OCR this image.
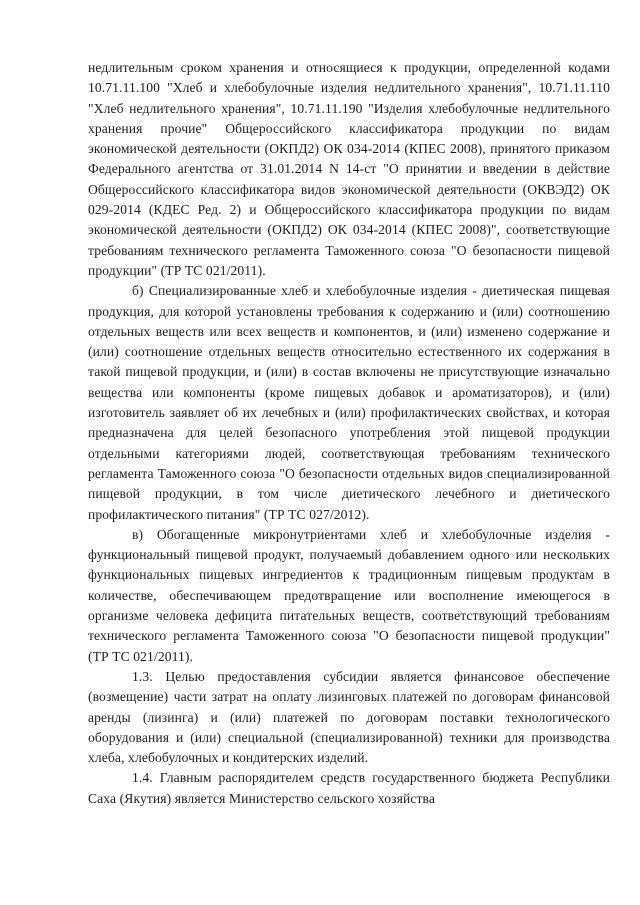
недлительным сроком хранения и относящиеся к продукции, определенной кодами 10.71.11.100 "Хлеб и хлебобулочные изделия недлительного хранения", 10.71.11.110 "Хлеб недлительного хранения", 10.71.11.190 "Изделия хлебобулочные недлительного хранения прочие" Общероссийского классификатора продукции по видам экономической деятельности (ОКПД2) ОК 034-2014 (КПЕС 2008), принятого приказом Федерального агентства от 31.01.2014 N 14-ст "О принятии и введении в действие Общероссийского классификатора видов экономической деятельности (ОКВЭД2) ОК 029-2014 (КДЕС Ред. 2) и Общероссийского классификатора продукции по видам экономической деятельности (ОКПД2) ОК 034-2014 (КПЕС 2008)", соответствующие требованиям технического регламента Таможенного союза "О безопасности пищевой продукции" (ТР ТС 021/2011).

б) Специализированные хлеб и хлебобулочные изделия - диетическая пищевая продукция, для которой установлены требования к содержанию и (или) соотношению отдельных веществ или всех веществ и компонентов, и (или) изменено содержание и (или) соотношение отдельных веществ относительно естественного их содержания в такой пищевой продукции, и (или) в состав включены не присутствующие изначально вещества или компоненты (кроме пищевых добавок и ароматизаторов), и (или) изготовитель заявляет об их лечебных и (или) профилактических свойствах, и которая предназначена для целей безопасного употребления этой пищевой продукции отдельными категориями людей, соответствующая требованиям технического регламента Таможенного союза "О безопасности отдельных видов специализированной пищевой продукции, в том числе диетического лечебного и диетического профилактического питания" (ТР ТС 027/2012).

в) Обогащенные микронутриентами хлеб и хлебобулочные изделия - функциональный пищевой продукт, получаемый добавлением одного или нескольких функциональных пищевых ингредиентов к традиционным пищевым продуктам в количестве, обеспечивающем предотвращение или восполнение имеющегося в организме человека дефицита питательных веществ, соответствующий требованиям технического регламента Таможенного союза "О безопасности пищевой продукции" (ТР ТС 021/2011).

1.3. Целью предоставления субсидии является финансовое обеспечение (возмещение) части затрат на оплату лизинговых платежей по договорам финансовой аренды (лизинга) и (или) платежей по договорам поставки технологического оборудования и (или) специальной (специализированной) техники для производства хлеба, хлебобулочных и кондитерских изделий.

1.4. Главным распорядителем средств государственного бюджета Республики Саха (Якутия) является Министерство сельского хозяйства
